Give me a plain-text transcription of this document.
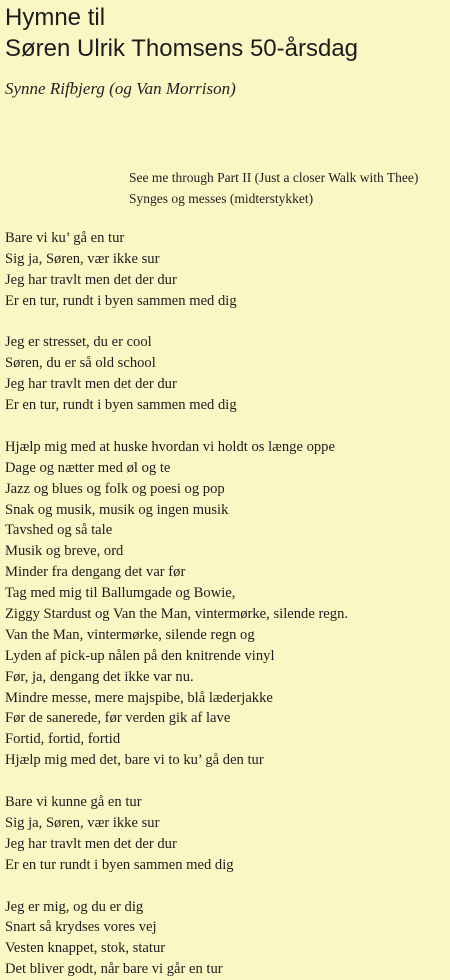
Hymne til
Søren Ulrik Thomsens 50-årsdag
Synne Rifbjerg (og Van Morrison)
See me through Part II (Just a closer Walk with Thee)
Synges og messes (midterstykket)
Bare vi ku’ gå en tur
Sig ja, Søren, vær ikke sur
Jeg har travlt men det der dur
Er en tur, rundt i byen sammen med dig
Jeg er stresset, du er cool
Søren, du er så old school
Jeg har travlt men det der dur
Er en tur, rundt i byen sammen med dig
Hjælp mig med at huske hvordan vi holdt os længe oppe
Dage og nætter med øl og te
Jazz og blues og folk og poesi og pop
Snak og musik, musik og ingen musik
Tavshed og så tale
Musik og breve, ord
Minder fra dengang det var før
Tag med mig til Ballumgade og Bowie,
Ziggy Stardust og Van the Man, vintermørke, silende regn.
Van the Man, vintermørke, silende regn og
Lyden af pick-up nålen på den knitrende vinyl
Før, ja, dengang det ikke var nu.
Mindre messe, mere majspibe, blå læderjakke
Før de sanerede, før verden gik af lave
Fortid, fortid, fortid
Hjælp mig med det, bare vi to ku’ gå den tur
Bare vi kunne gå en tur
Sig ja, Søren, vær ikke sur
Jeg har travlt men det der dur
Er en tur rundt i byen sammen med dig
Jeg er mig, og du er dig
Snart så krydses vores vej
Vesten knappet, stok, statur
Det bliver godt, når bare vi går en tur
